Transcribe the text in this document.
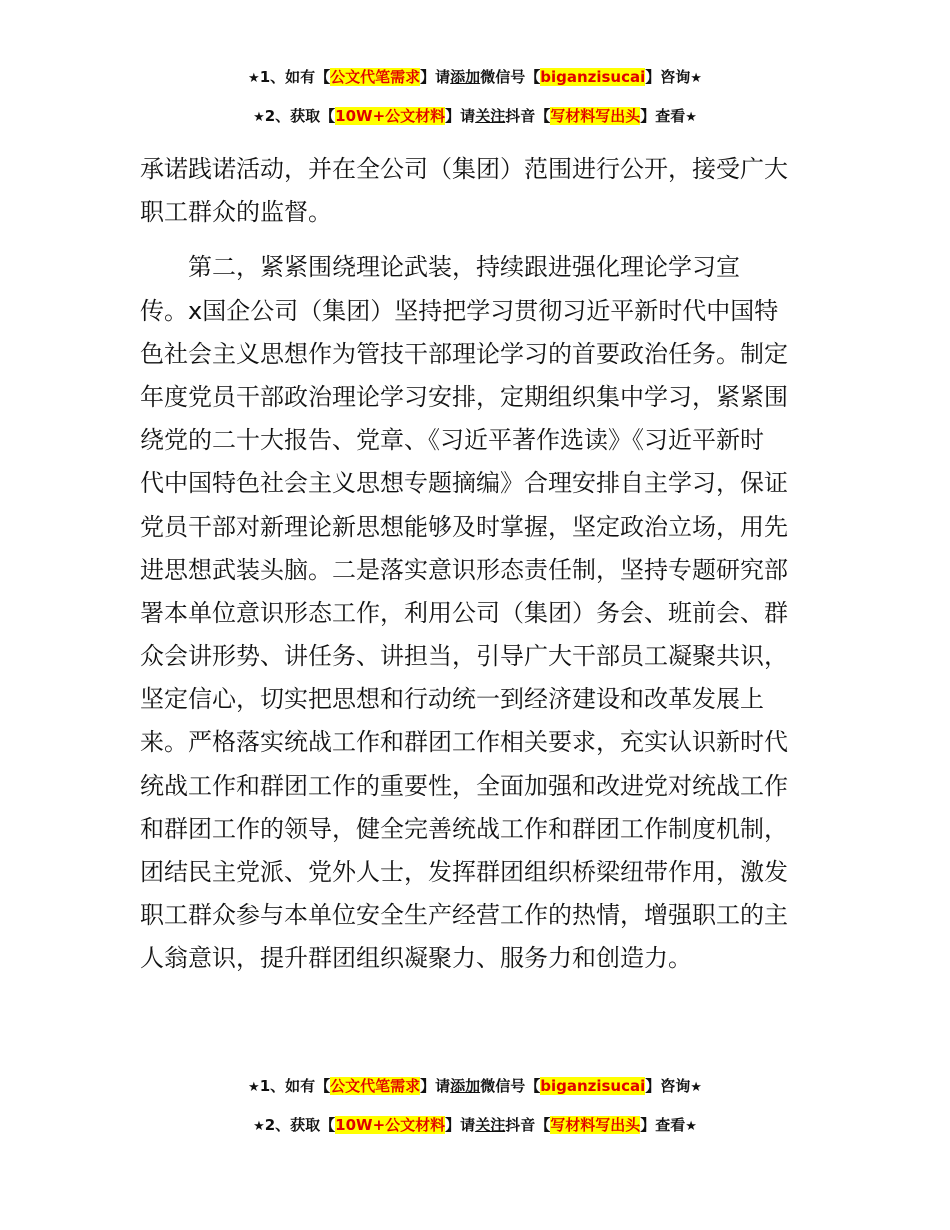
★1、如有【公文代笔需求】请添加微信号【biganzisucai】咨询★
★2、获取【10W+公文材料】请关注抖音【写材料写出头】查看★
承诺践诺活动，并在全公司（集团）范围进行公开，接受广大
职工群众的监督。
第二，紧紧围绕理论武装，持续跟进强化理论学习宣
传。x国企公司（集团）坚持把学习贯彻习近平新时代中国特
色社会主义思想作为管技干部理论学习的首要政治任务。制定
年度党员干部政治理论学习安排，定期组织集中学习，紧紧围
绕党的二十大报告、党章、《习近平著作选读》《习近平新时
代中国特色社会主义思想专题摘编》合理安排自主学习，保证
党员干部对新理论新思想能够及时掌握，坚定政治立场，用先
进思想武装头脑。二是落实意识形态责任制，坚持专题研究部
署本单位意识形态工作，利用公司（集团）务会、班前会、群
众会讲形势、讲任务、讲担当，引导广大干部员工凝聚共识，
坚定信心，切实把思想和行动统一到经济建设和改革发展上
来。严格落实统战工作和群团工作相关要求，充实认识新时代
统战工作和群团工作的重要性，全面加强和改进党对统战工作
和群团工作的领导，健全完善统战工作和群团工作制度机制，
团结民主党派、党外人士，发挥群团组织桥梁纽带作用，激发
职工群众参与本单位安全生产经营工作的热情，增强职工的主
人翁意识，提升群团组织凝聚力、服务力和创造力。
★1、如有【公文代笔需求】请添加微信号【biganzisucai】咨询★
★2、获取【10W+公文材料】请关注抖音【写材料写出头】查看★
